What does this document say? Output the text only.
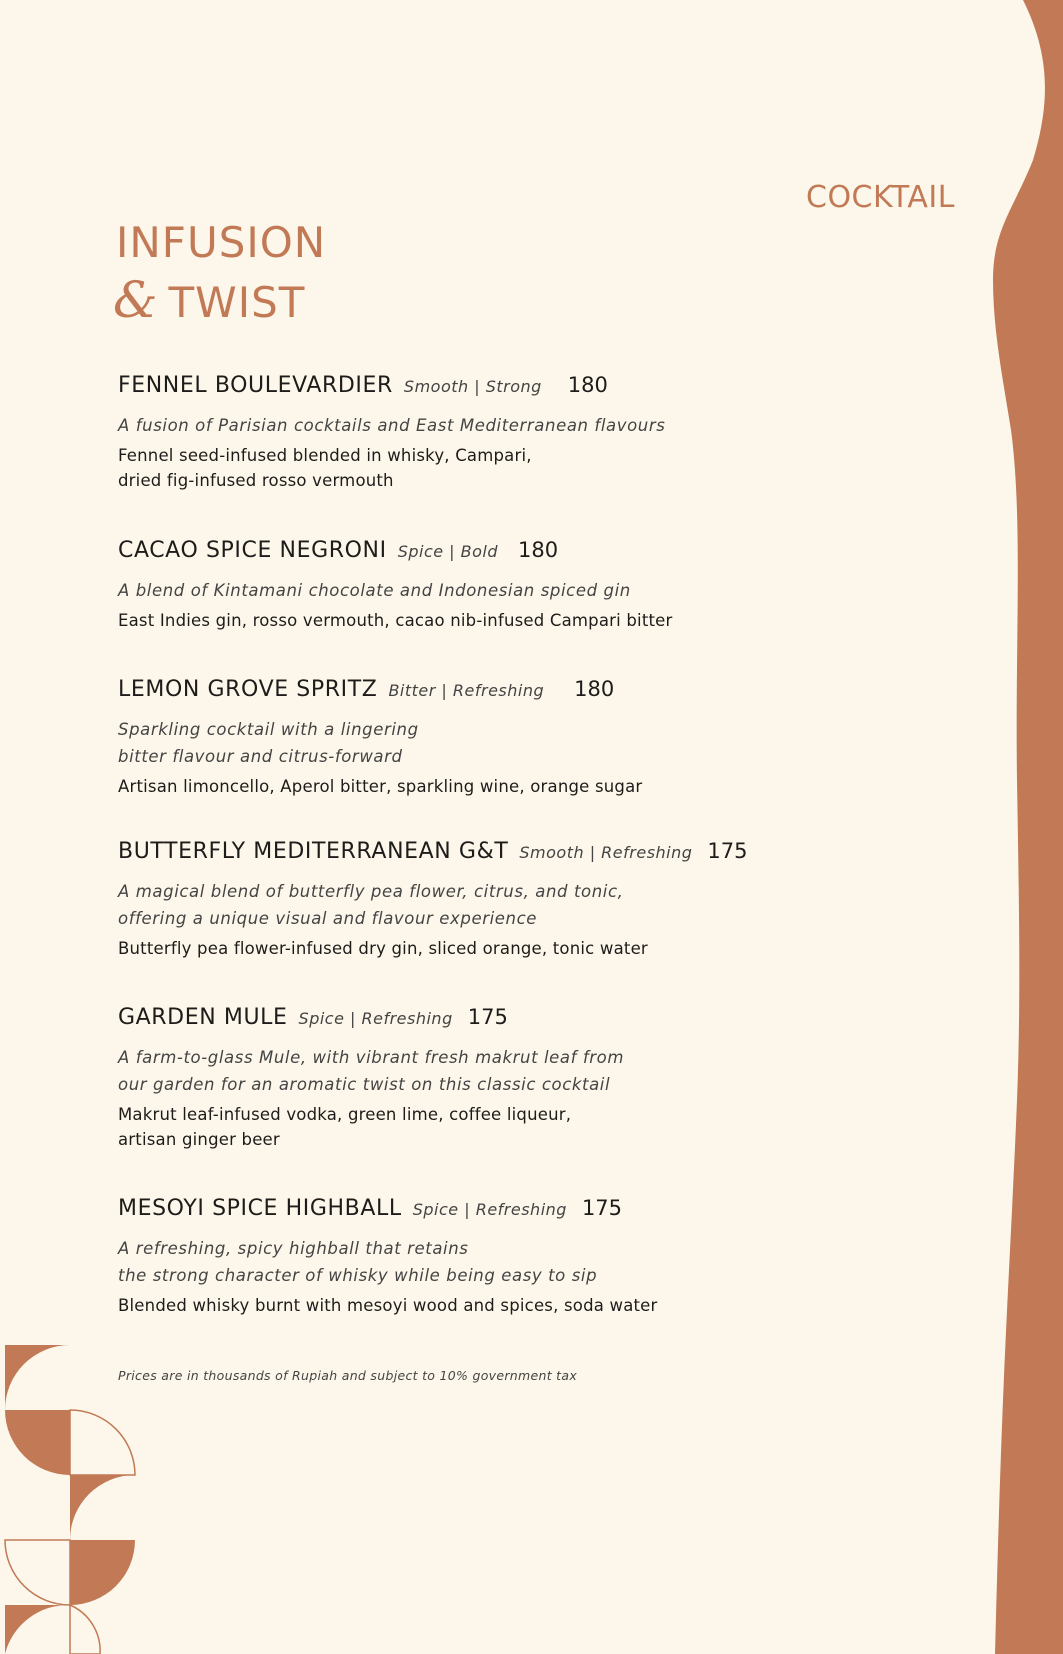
COCKTAIL
INFUSION
& TWIST
FENNEL BOULEVARDIER Smooth | Strong 180
A fusion of Parisian cocktails and East Mediterranean flavours
Fennel seed-infused blended in whisky, Campari,
dried fig-infused rosso vermouth
CACAO SPICE NEGRONI Spice | Bold 180
A blend of Kintamani chocolate and Indonesian spiced gin
East Indies gin, rosso vermouth, cacao nib-infused Campari bitter
LEMON GROVE SPRITZ Bitter | Refreshing 180
Sparkling cocktail with a lingering
bitter flavour and citrus-forward
Artisan limoncello, Aperol bitter, sparkling wine, orange sugar
BUTTERFLY MEDITERRANEAN G&T Smooth | Refreshing 175
A magical blend of butterfly pea flower, citrus, and tonic,
offering a unique visual and flavour experience
Butterfly pea flower-infused dry gin, sliced orange, tonic water
GARDEN MULE Spice | Refreshing 175
A farm-to-glass Mule, with vibrant fresh makrut leaf from
our garden for an aromatic twist on this classic cocktail
Makrut leaf-infused vodka, green lime, coffee liqueur,
artisan ginger beer
MESOYI SPICE HIGHBALL Spice | Refreshing 175
A refreshing, spicy highball that retains
the strong character of whisky while being easy to sip
Blended whisky burnt with mesoyi wood and spices, soda water
Prices are in thousands of Rupiah and subject to 10% government tax
